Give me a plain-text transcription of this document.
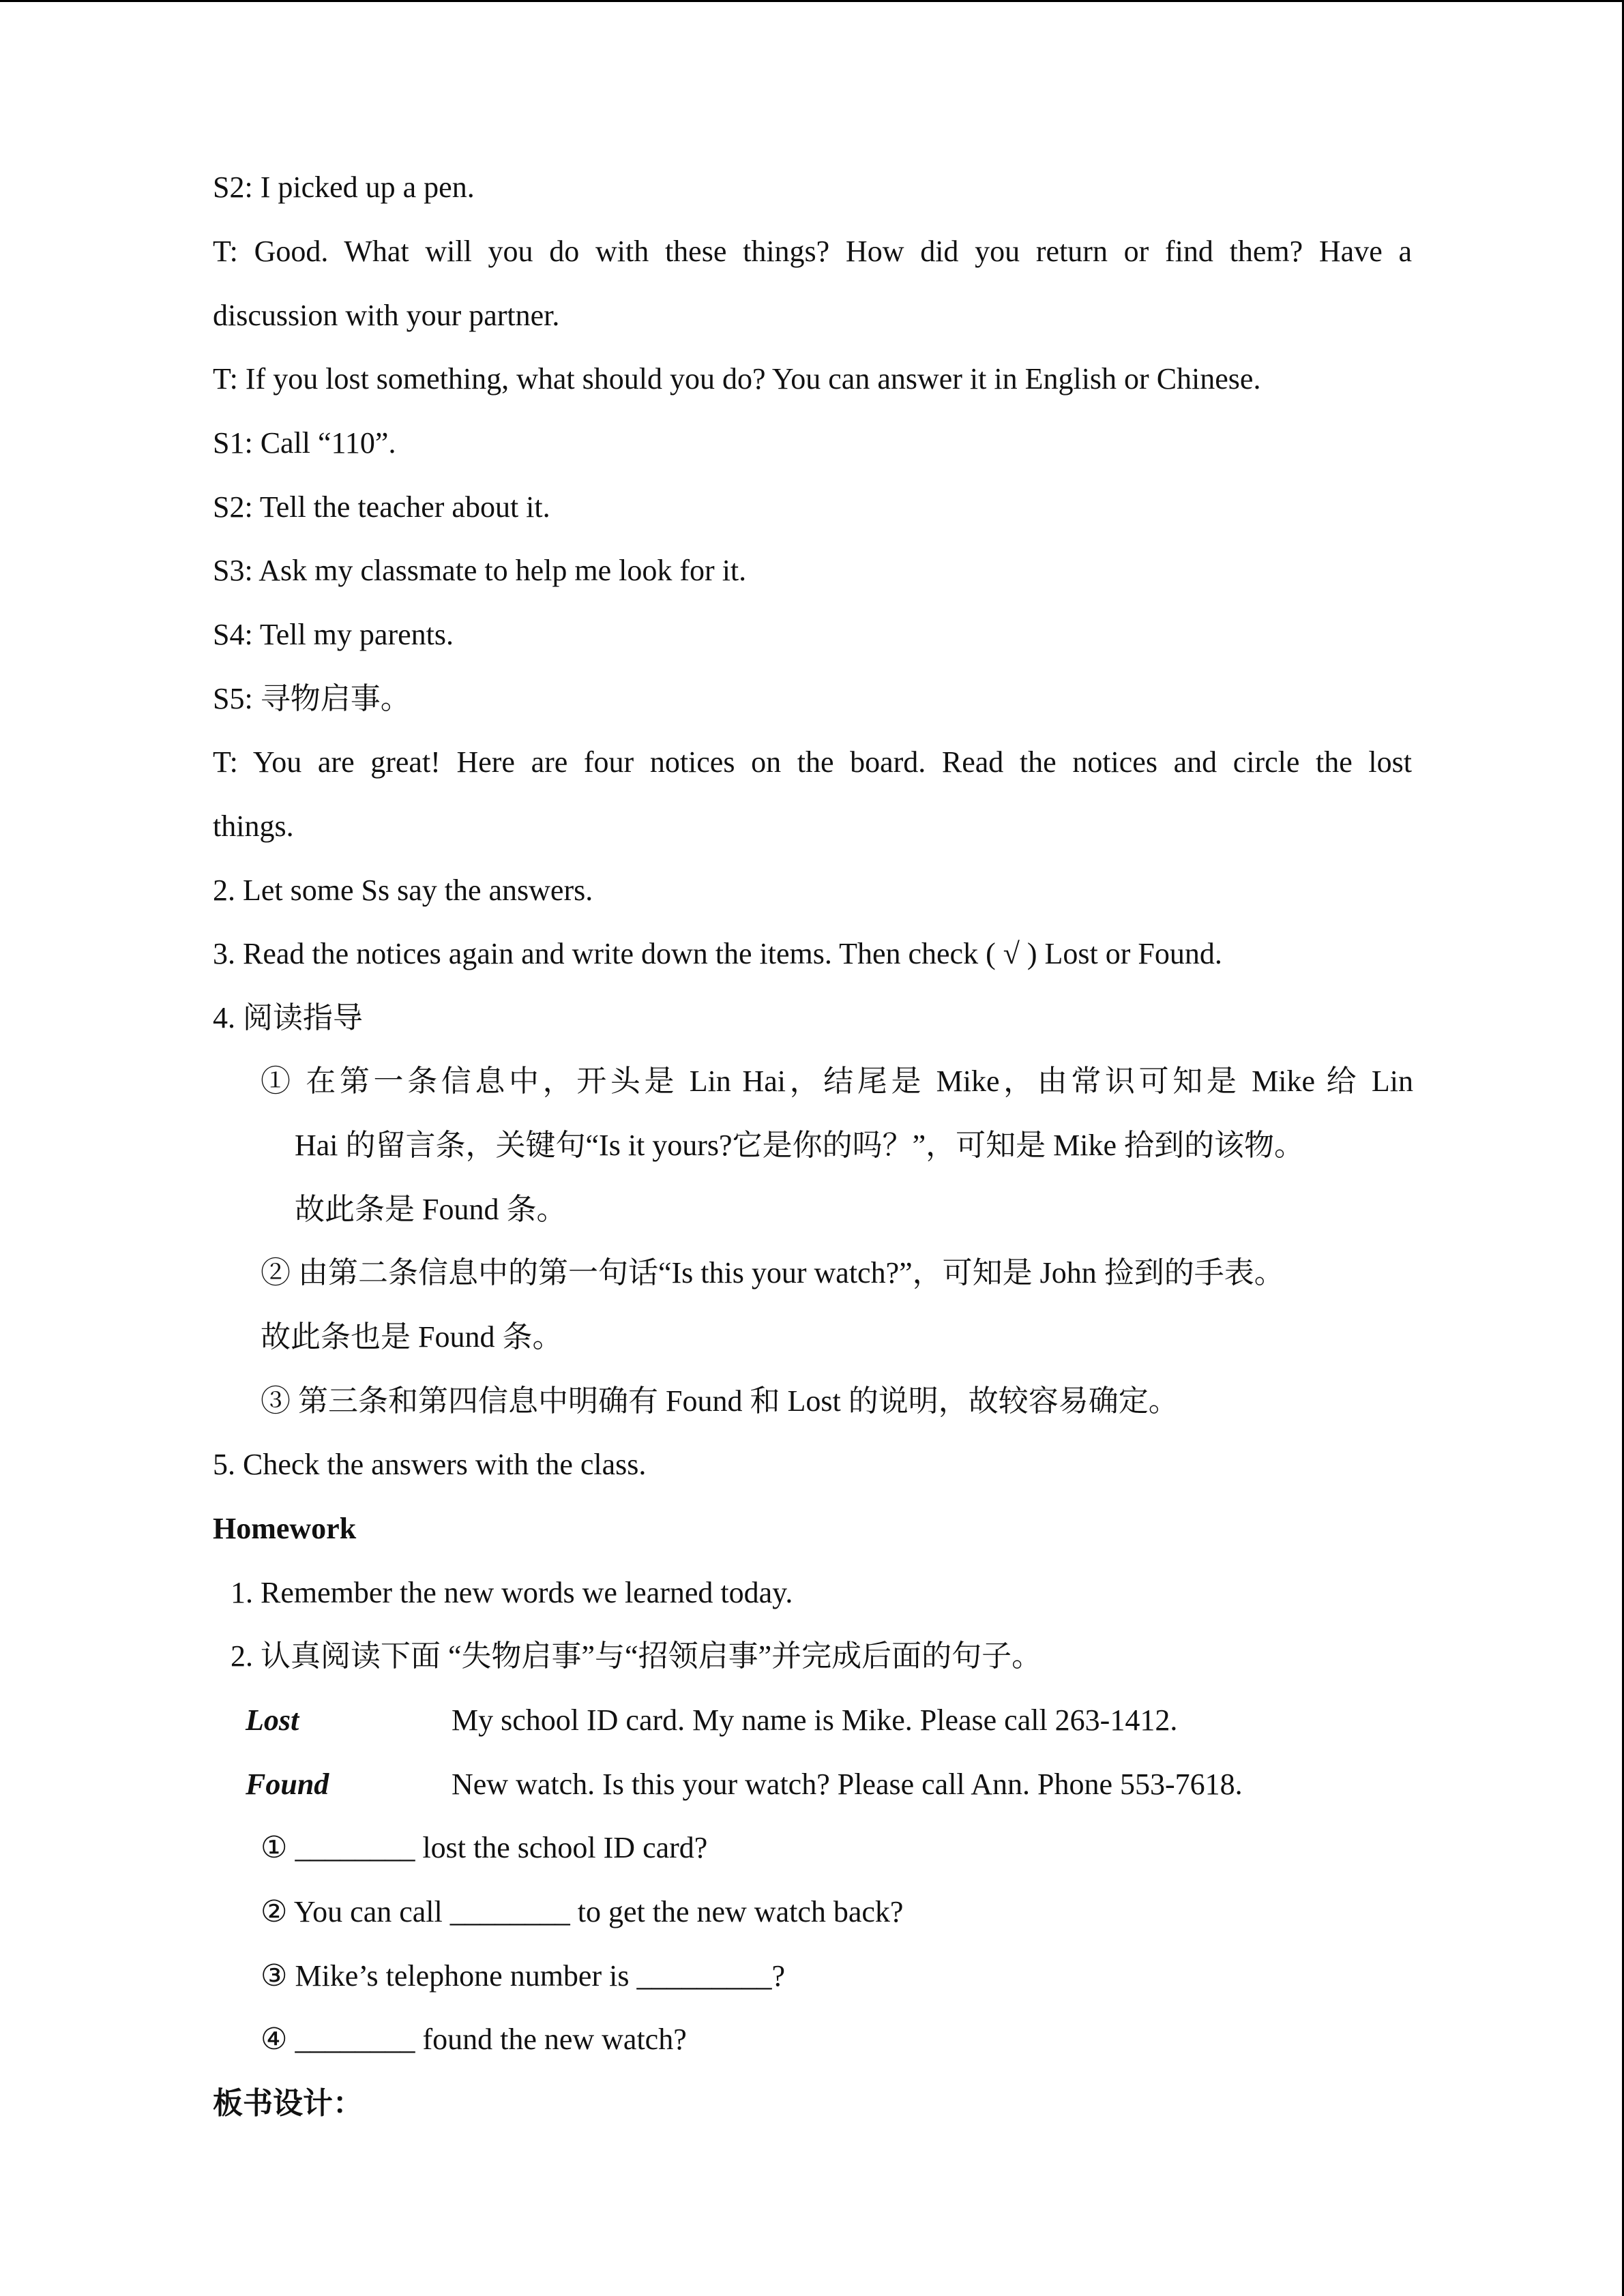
S2: I picked up a pen.
T: Good. What will you do with these things? How did you return or find them? Have a
discussion with your partner.
T: If you lost something, what should you do? You can answer it in English or Chinese.
S1: Call “110”.
S2: Tell the teacher about it.
S3: Ask my classmate to help me look for it.
S4: Tell my parents.
S5: 寻物启事。
T: You are great! Here are four notices on the board. Read the notices and circle the lost
things.
2. Let some Ss say the answers.
3. Read the notices again and write down the items. Then check ( √ ) Lost or Found.
4. 阅读指导
① 在第一条信息中，开头是 Lin Hai，结尾是 Mike，由常识可知是 Mike 给 Lin
Hai 的留言条，关键句“Is it yours?它是你的吗？”，可知是 Mike 拾到的该物。
故此条是 Found 条。
② 由第二条信息中的第一句话“Is this your watch?”，可知是 John 捡到的手表。
故此条也是 Found 条。
③ 第三条和第四信息中明确有 Found 和 Lost 的说明，故较容易确定。
5. Check the answers with the class.
Homework
1. Remember the new words we learned today.
2. 认真阅读下面 “失物启事”与“招领启事”并完成后面的句子。
Lost	My school ID card. My name is Mike. Please call 263-1412.
Found	New watch. Is this your watch? Please call Ann. Phone 553-7618.
① ________ lost the school ID card?
② You can call ________ to get the new watch back?
③ Mike’s telephone number is _________?
④ ________ found the new watch?
板书设计：
